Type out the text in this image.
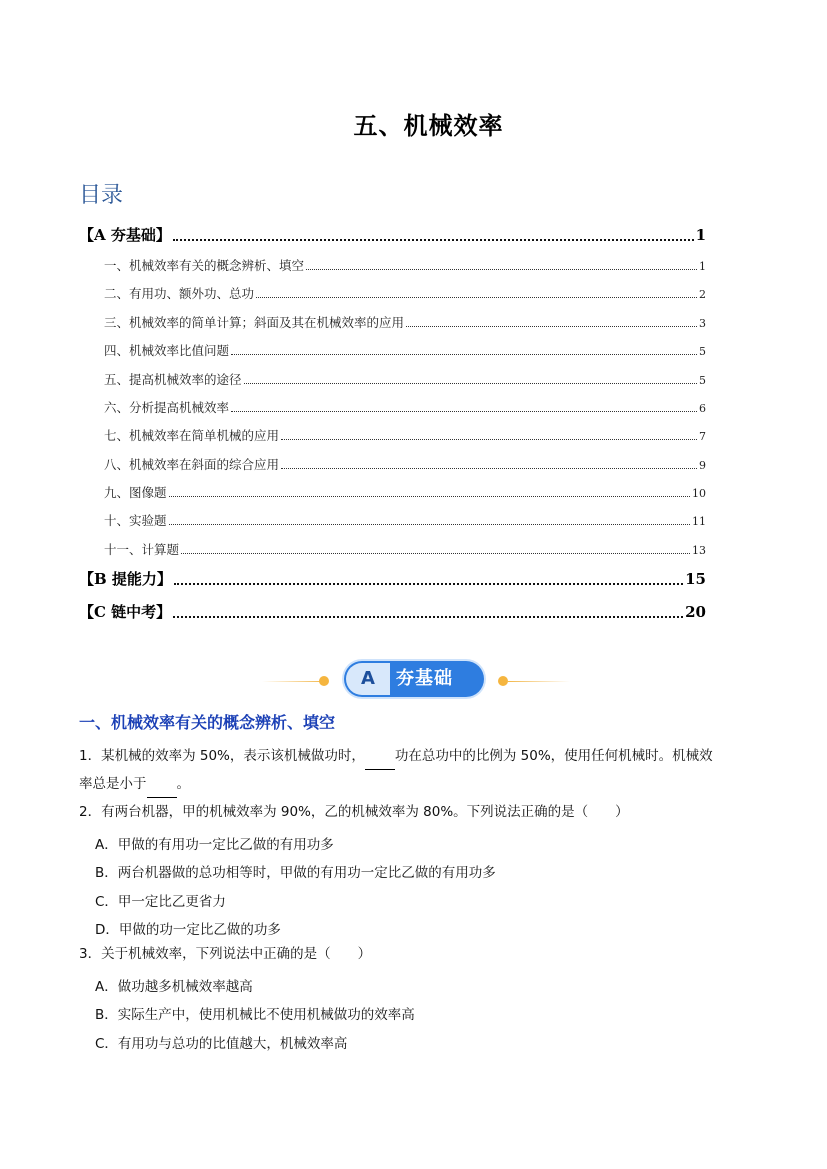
五、机械效率
目录
【A 夯基础】	1
一、机械效率有关的概念辨析、填空	1
二、有用功、额外功、总功	2
三、机械效率的简单计算；斜面及其在机械效率的应用	3
四、机械效率比值问题	5
五、提高机械效率的途径	5
六、分析提高机械效率	6
七、机械效率在简单机械的应用	7
八、机械效率在斜面的综合应用	9
九、图像题	10
十、实验题	11
十一、计算题	13
【B 提能力】	15
【C 链中考】	20
A	夯基础
一、机械效率有关的概念辨析、填空
1．某机械的效率为 50%，表示该机械做功时， 功在总功中的比例为 50%，使用任何机械时。机械效
率总是小于 。
2．有两台机器，甲的机械效率为 90%，乙的机械效率为 80%。下列说法正确的是（　　）
A．甲做的有用功一定比乙做的有用功多
B．两台机器做的总功相等时，甲做的有用功一定比乙做的有用功多
C．甲一定比乙更省力
D．甲做的功一定比乙做的功多
3．关于机械效率，下列说法中正确的是（　　）
A．做功越多机械效率越高
B．实际生产中，使用机械比不使用机械做功的效率高
C．有用功与总功的比值越大，机械效率高
